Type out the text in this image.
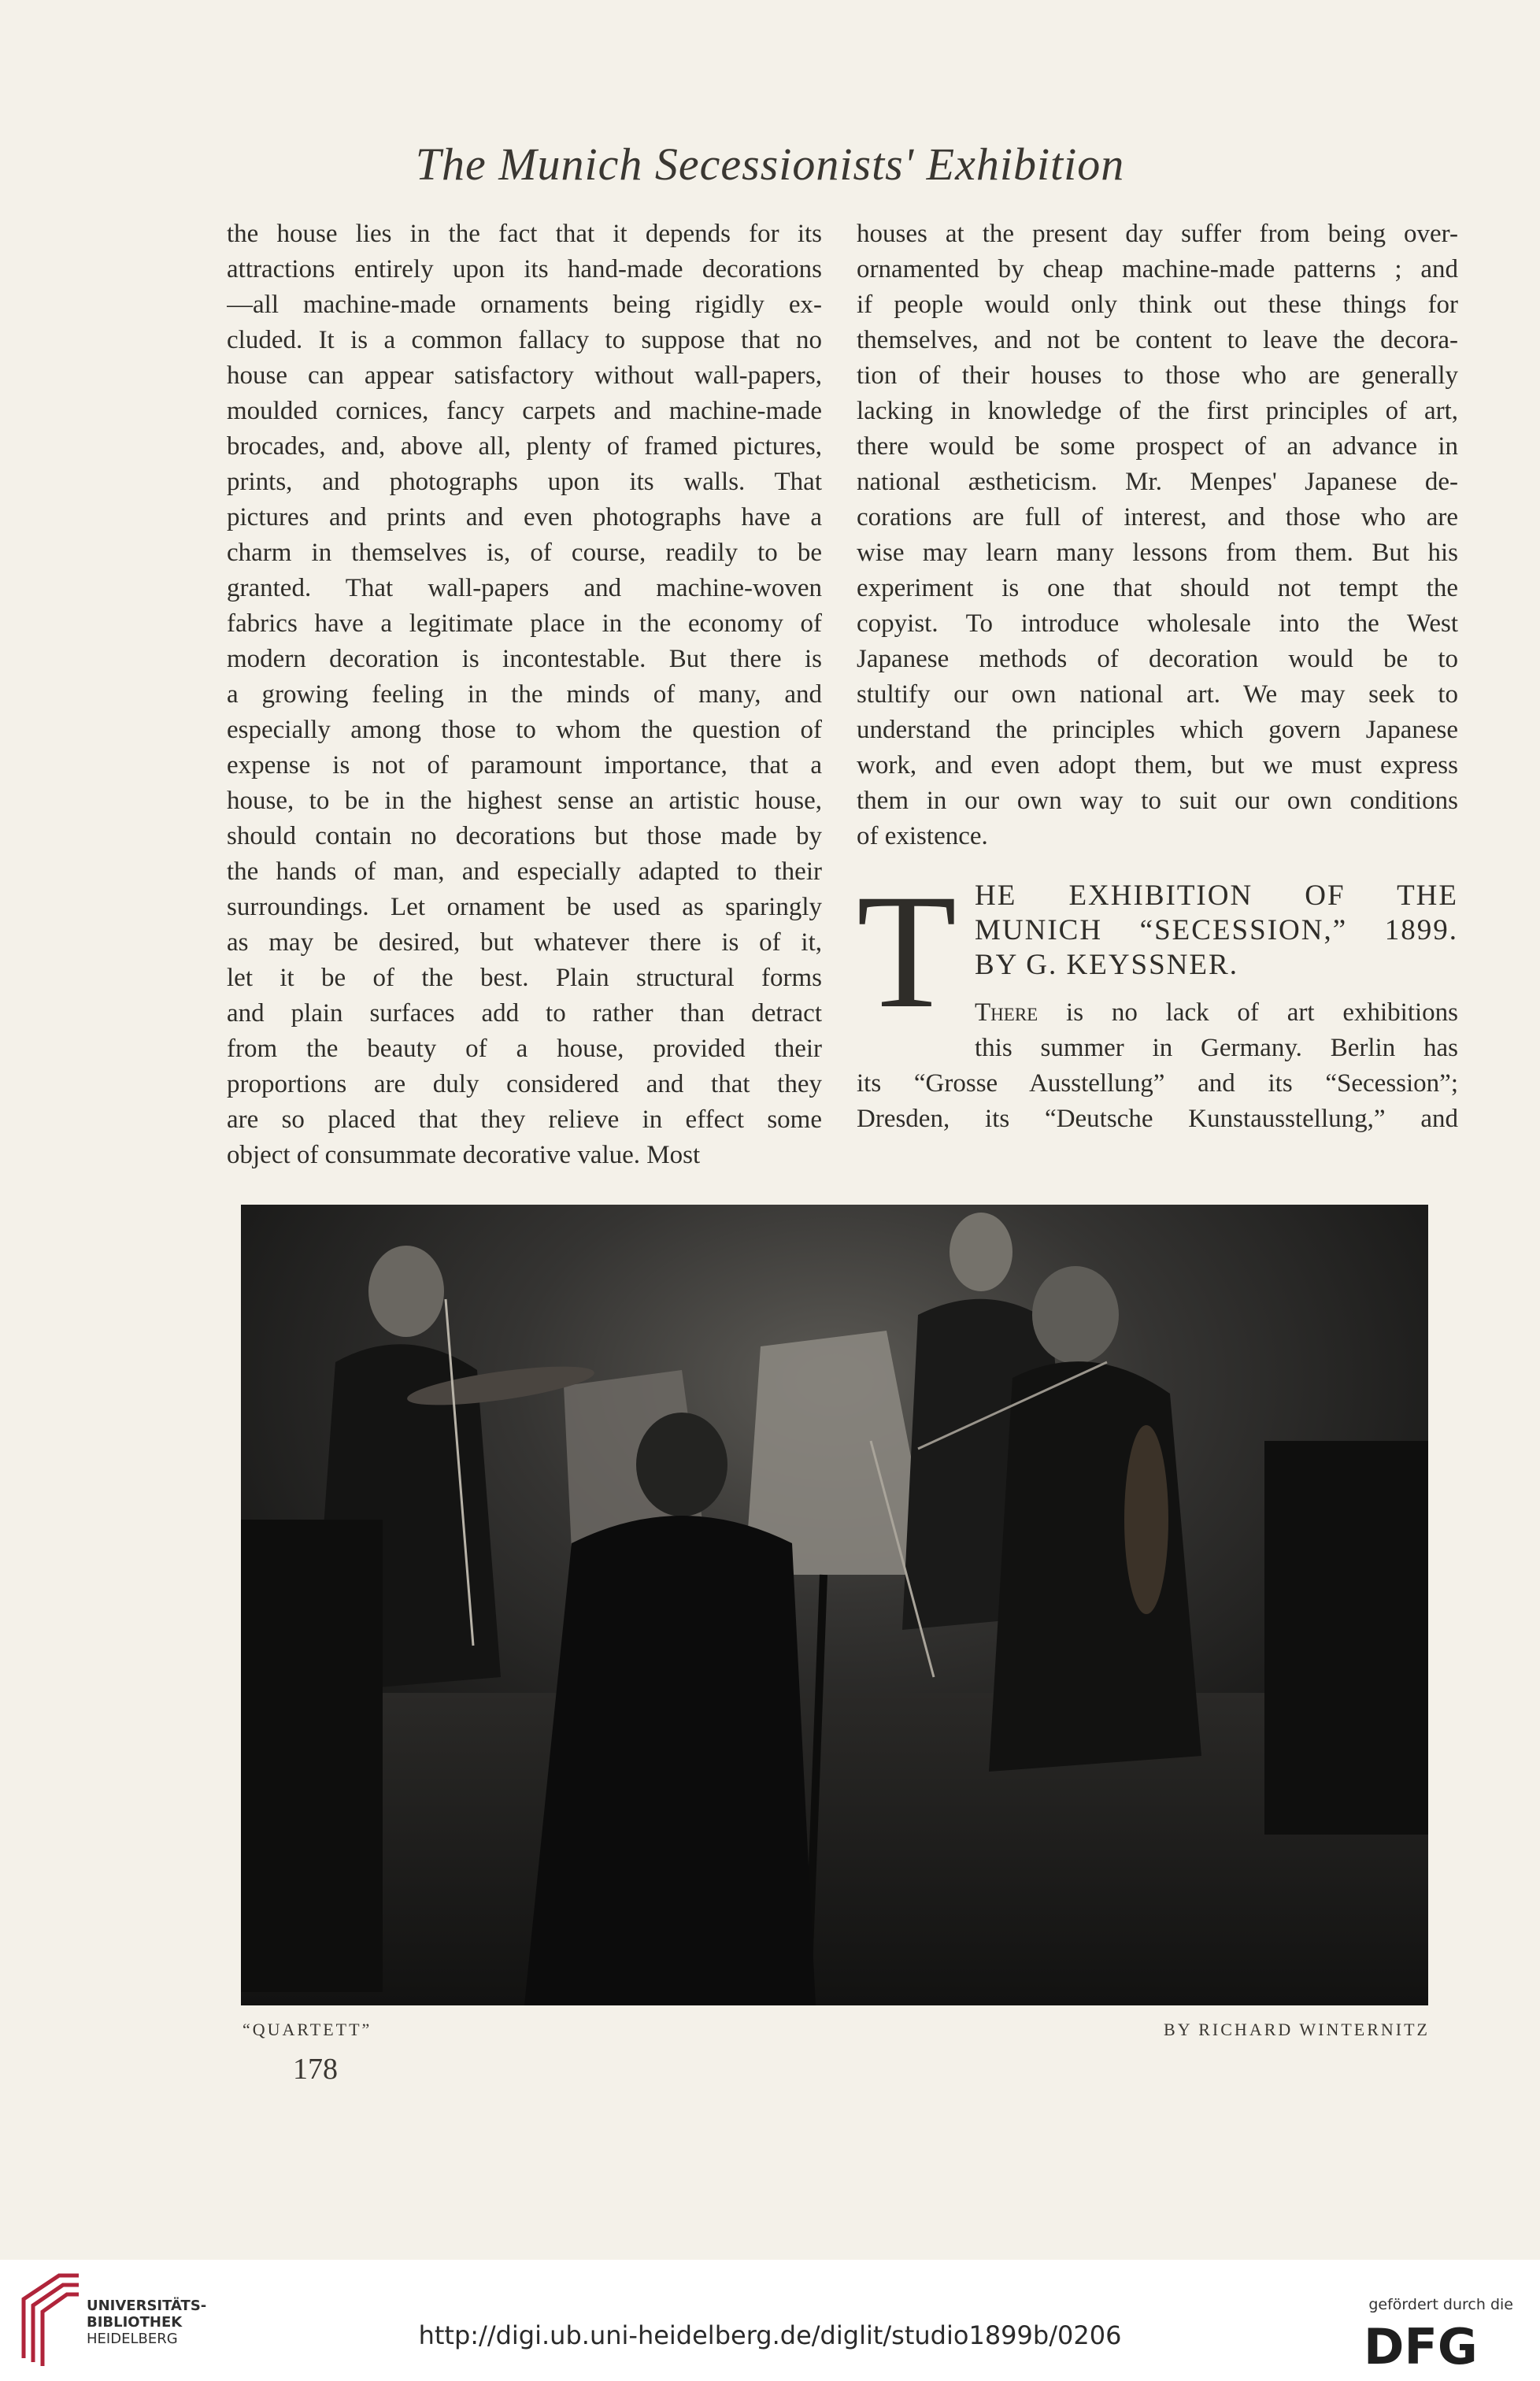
The Munich Secessionists' Exhibition
the house lies in the fact that it depends for its
attractions entirely upon its hand-made decorations
—all machine-made ornaments being rigidly ex-
cluded. It is a common fallacy to suppose that no
house can appear satisfactory without wall-papers,
moulded cornices, fancy carpets and machine-made
brocades, and, above all, plenty of framed pictures,
prints, and photographs upon its walls. That
pictures and prints and even photographs have a
charm in themselves is, of course, readily to be
granted. That wall-papers and machine-woven
fabrics have a legitimate place in the economy of
modern decoration is incontestable. But there is
a growing feeling in the minds of many, and
especially among those to whom the question of
expense is not of paramount importance, that a
house, to be in the highest sense an artistic house,
should contain no decorations but those made by
the hands of man, and especially adapted to their
surroundings. Let ornament be used as sparingly
as may be desired, but whatever there is of it,
let it be of the best. Plain structural forms
and plain surfaces add to rather than detract
from the beauty of a house, provided their
proportions are duly considered and that they
are so placed that they relieve in effect some
object of consummate decorative value. Most
houses at the present day suffer from being over-
ornamented by cheap machine-made patterns ; and
if people would only think out these things for
themselves, and not be content to leave the decora-
tion of their houses to those who are generally
lacking in knowledge of the first principles of art,
there would be some prospect of an advance in
national æstheticism. Mr. Menpes' Japanese de-
corations are full of interest, and those who are
wise may learn many lessons from them. But his
experiment is one that should not tempt the
copyist. To introduce wholesale into the West
Japanese methods of decoration would be to
stultify our own national art. We may seek to
understand the principles which govern Japanese
work, and even adopt them, but we must express
them in our own way to suit our own conditions
of existence.
T HE EXHIBITION OF THE
MUNICH “SECESSION,” 1899.
BY G. KEYSSNER.
There is no lack of art exhibitions
this summer in Germany. Berlin has
its “Grosse Ausstellung” and its “Secession”;
Dresden, its “Deutsche Kunstausstellung,” and
“QUARTETT”	BY RICHARD WINTERNITZ
178
UNIVERSITÄTS-
BIBLIOTHEK
HEIDELBERG	http://digi.ub.uni-heidelberg.de/diglit/studio1899b/0206
gefördert durch die
DFG
